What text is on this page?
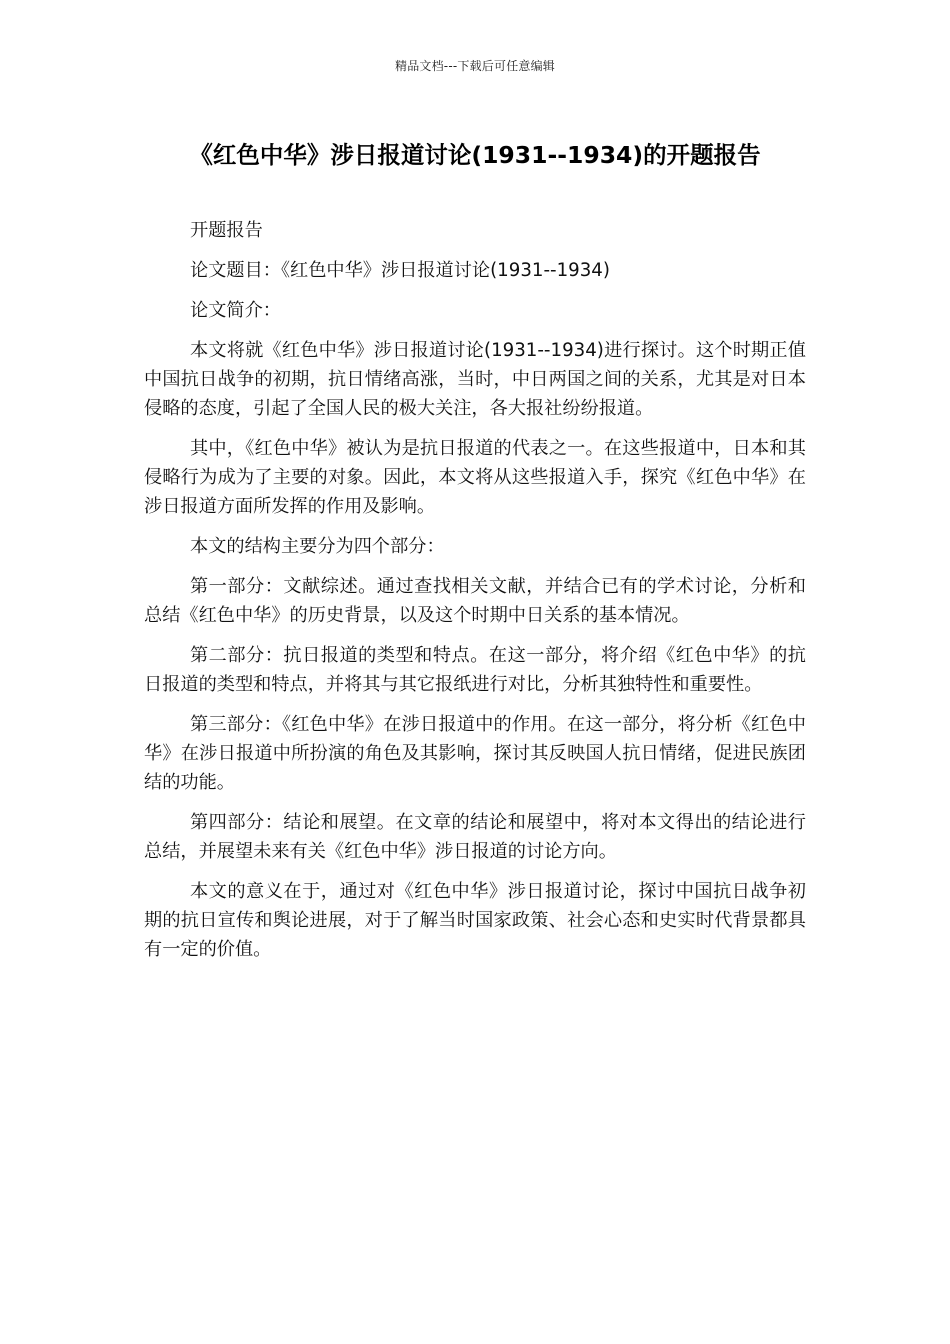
精品文档---下载后可任意编辑
《红色中华》涉日报道讨论(1931--1934)的开题报告

开题报告

论文题目：《红色中华》涉日报道讨论(1931--1934)

论文简介：

本文将就《红色中华》涉日报道讨论(1931--1934)进行探讨。这个时期正值中国抗日战争的初期，抗日情绪高涨，当时，中日两国之间的关系，尤其是对日本侵略的态度，引起了全国人民的极大关注，各大报社纷纷报道。

其中，《红色中华》被认为是抗日报道的代表之一。在这些报道中，日本和其侵略行为成为了主要的对象。因此，本文将从这些报道入手，探究《红色中华》在涉日报道方面所发挥的作用及影响。

本文的结构主要分为四个部分：

第一部分：文献综述。通过查找相关文献，并结合已有的学术讨论，分析和总结《红色中华》的历史背景，以及这个时期中日关系的基本情况。

第二部分：抗日报道的类型和特点。在这一部分，将介绍《红色中华》的抗日报道的类型和特点，并将其与其它报纸进行对比，分析其独特性和重要性。

第三部分：《红色中华》在涉日报道中的作用。在这一部分，将分析《红色中华》在涉日报道中所扮演的角色及其影响，探讨其反映国人抗日情绪，促进民族团结的功能。

第四部分：结论和展望。在文章的结论和展望中，将对本文得出的结论进行总结，并展望未来有关《红色中华》涉日报道的讨论方向。

本文的意义在于，通过对《红色中华》涉日报道讨论，探讨中国抗日战争初期的抗日宣传和舆论进展，对于了解当时国家政策、社会心态和史实时代背景都具有一定的价值。
